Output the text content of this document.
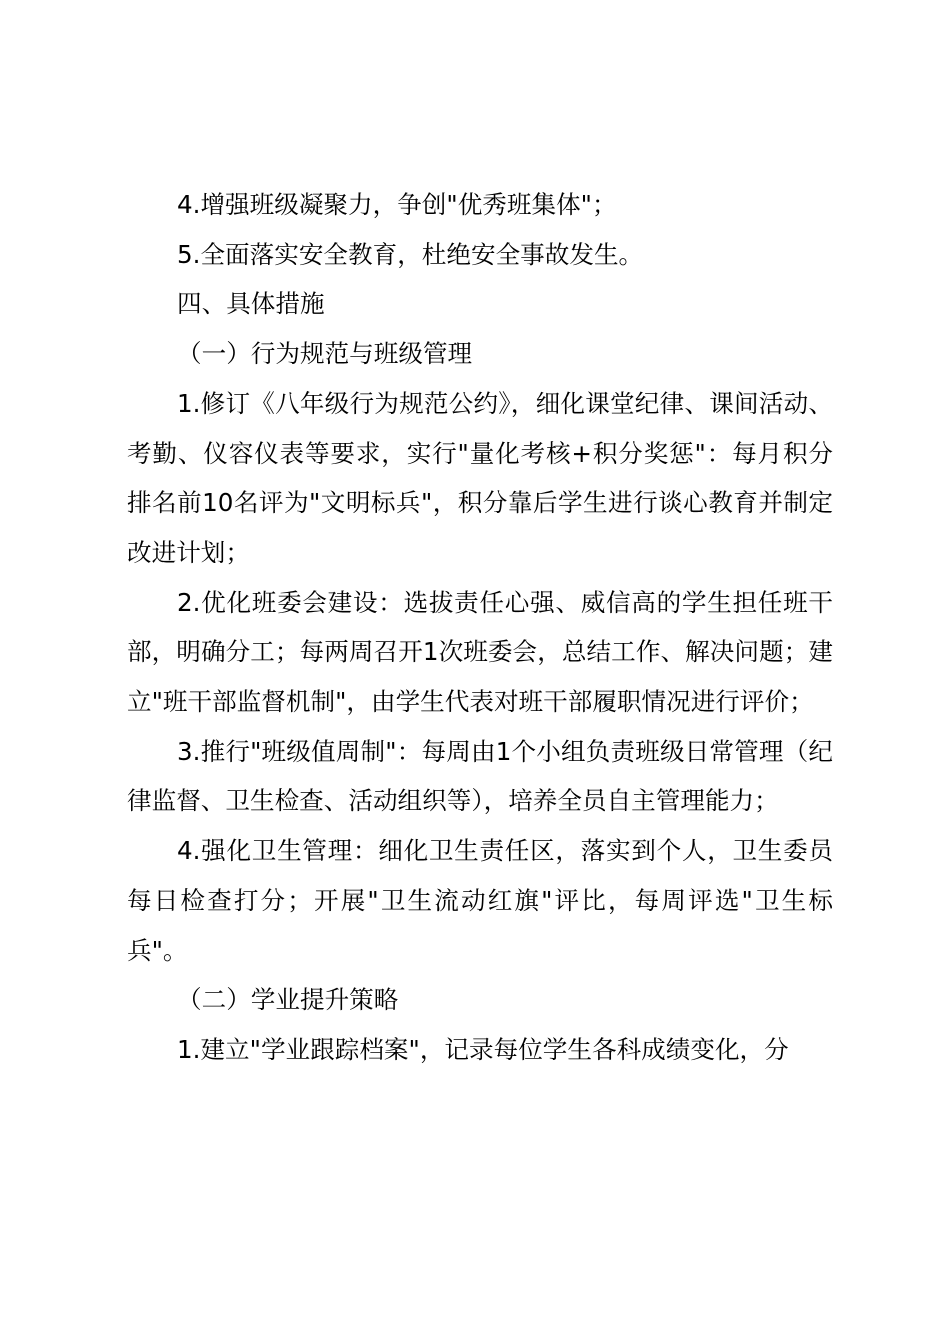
4.增强班级凝聚力，争创"优秀班集体"；

5.全面落实安全教育，杜绝安全事故发生。

四、具体措施

（一）行为规范与班级管理

1.修订《八年级行为规范公约》，细化课堂纪律、课间活动、考勤、仪容仪表等要求，实行"量化考核+积分奖惩"：每月积分排名前10名评为"文明标兵"，积分靠后学生进行谈心教育并制定改进计划；

2.优化班委会建设：选拔责任心强、威信高的学生担任班干部，明确分工；每两周召开1次班委会，总结工作、解决问题；建立"班干部监督机制"，由学生代表对班干部履职情况进行评价；

3.推行"班级值周制"：每周由1个小组负责班级日常管理（纪律监督、卫生检查、活动组织等），培养全员自主管理能力；

4.强化卫生管理：细化卫生责任区，落实到个人，卫生委员每日检查打分；开展"卫生流动红旗"评比，每周评选"卫生标兵"。

（二）学业提升策略

1.建立"学业跟踪档案"，记录每位学生各科成绩变化，分
